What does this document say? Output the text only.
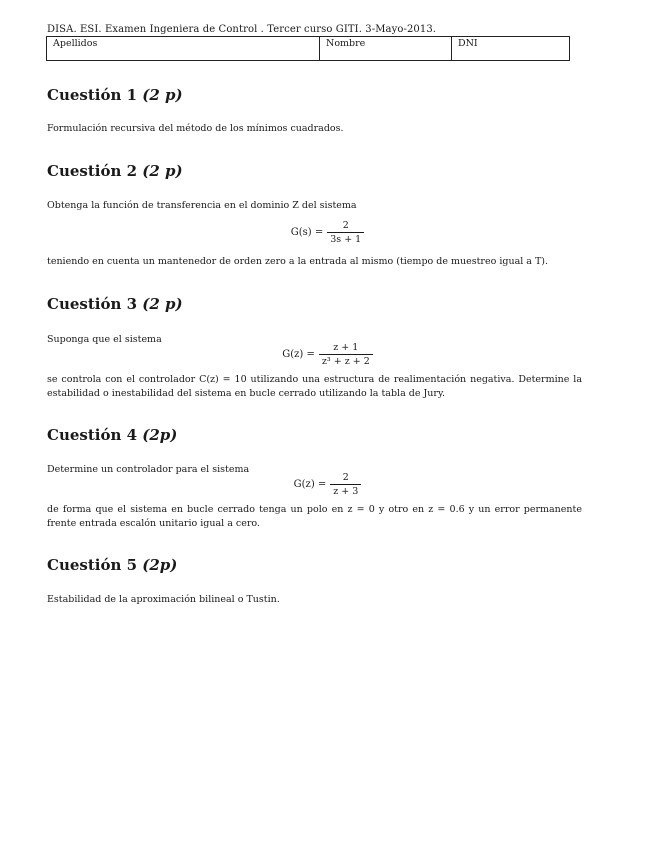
DISA. ESI. Examen Ingeniera de Control . Tercer curso GITI. 3-Mayo-2013.
Apellidos	Nombre	DNI
Cuestión 1 (2 p)
Formulación recursiva del método de los mínimos cuadrados.
Cuestión 2 (2 p)
Obtenga la función de transferencia en el dominio Z del sistema
$G(s) = \frac{2}{3s + 1}$
teniendo en cuenta un mantenedor de orden zero a la entrada al mismo (tiempo de muestreo igual a T).
Cuestión 3 (2 p)
Suponga que el sistema
$G(z) = \frac{z + 1}{\text{z³ + z + 2}}$
se controla con el controlador C(z) = 10 utilizando una estructura de realimentación negativa. Determine la estabilidad o inestabilidad del sistema en bucle cerrado utilizando la tabla de Jury.
Cuestión 4 (2p)
Determine un controlador para el sistema
$G(z) = \frac{2}{z + 3}$
de forma que el sistema en bucle cerrado tenga un polo en z = 0 y otro en z = 0.6 y un error permanente frente entrada escalón unitario igual a cero.
Cuestión 5 (2p)
Estabilidad de la aproximación bilineal o Tustin.
